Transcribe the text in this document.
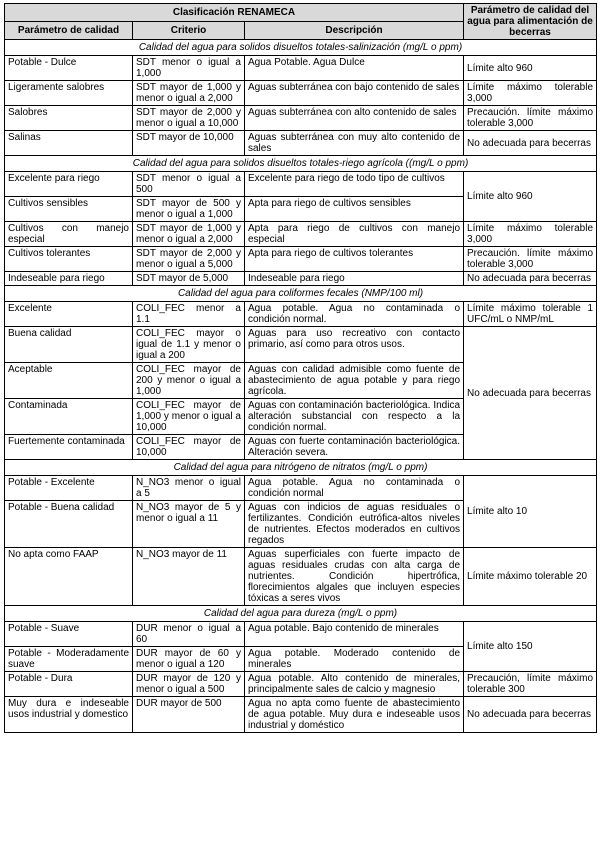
Clasificación RENAMECA			Parámetro de calidad del agua para alimentación de becerras
Parámetro de calidad	Criterio	Descripción	
Calidad del agua para solidos disueltos totales-salinización (mg/L o ppm)			
Potable - Dulce	SDT menor o igual a 1,000	Agua Potable. Agua Dulce	Límite alto 960
Ligeramente salobres	SDT mayor de 1,000 y menor o igual a 2,000	Aguas subterránea con bajo contenido de sales	Límite máximo tolerable 3,000
Salobres	SDT mayor de 2,000 y menor o igual a 10,000	Aguas subterránea con alto contenido de sales	Precaución. límite máximo tolerable 3,000
Salinas	SDT mayor de 10,000	Aguas subterránea con muy alto contenido de sales	No adecuada para becerras
Calidad del agua para solidos disueltos totales-riego agrícola ((mg/L o ppm)			
Excelente para riego	SDT menor o igual a 500	Excelente para riego de todo tipo de cultivos	Límite alto 960
Cultivos sensibles	SDT mayor de 500 y menor o igual a 1,000	Apta para riego de cultivos sensibles	
Cultivos con manejo especial	SDT mayor de 1,000 y menor o igual a 2,000	Apta para riego de cultivos con manejo especial	Límite máximo tolerable 3,000
Cultivos tolerantes	SDT mayor de 2,000 y menor o igual a 5,000	Apta para riego de cultivos tolerantes	Precaución. límite máximo tolerable 3,000
Indeseable para riego	SDT mayor de 5,000	Indeseable para riego	No adecuada para becerras
Calidad del agua para coliformes fecales (NMP/100 ml)			
Excelente	COLI_FEC menor a 1.1	Agua potable. Agua no contaminada o condición normal.	Límite máximo tolerable 1 UFC/mL o NMP/mL
Buena calidad	COLI_FEC mayor o igual de 1.1 y menor o igual a 200	Aguas para uso recreativo con contacto primario, así como para otros usos.	No adecuada para becerras
Aceptable	COLI_FEC mayor de 200 y menor o igual a 1,000	Aguas con calidad admisible como fuente de abastecimiento de agua potable y para riego agrícola.	
Contaminada	COLI_FEC mayor de 1,000 y menor o igual a 10,000	Aguas con contaminación bacteriológica. Indica alteración substancial con respecto a la condición normal.	
Fuertemente contaminada	COLI_FEC mayor de 10,000	Aguas con fuerte contaminación bacteriológica. Alteración severa.	
Calidad del agua para nitrógeno de nitratos (mg/L o ppm)			
Potable - Excelente	N_NO3 menor o igual a 5	Agua potable. Agua no contaminada o condición normal	Límite alto 10
Potable - Buena calidad	N_NO3 mayor de 5 y menor o igual a 11	Aguas con indicios de aguas residuales o fertilizantes. Condición eutrófica-altos niveles de nutrientes. Efectos moderados en cultivos regados	
No apta como FAAP	N_NO3 mayor de 11	Aguas superficiales con fuerte impacto de aguas residuales crudas con alta carga de nutrientes. Condición hipertrófica, florecimientos algales que incluyen especies tóxicas a seres vivos	Límite máximo tolerable 20
Calidad del agua para dureza (mg/L o ppm)			
Potable - Suave	DUR menor o igual a 60	Agua potable. Bajo contenido de minerales	Límite alto 150
Potable - Moderadamente suave	DUR mayor de 60 y menor o igual a 120	Agua potable. Moderado contenido de minerales	
Potable - Dura	DUR mayor de 120 y menor o igual a 500	Agua potable. Alto contenido de minerales, principalmente sales de calcio y magnesio	Precaución, límite máximo tolerable 300
Muy dura e indeseable usos industrial y domestico	DUR mayor de 500	Agua no apta como fuente de abastecimiento de agua potable. Muy dura e indeseable usos industrial y doméstico	No adecuada para becerras
